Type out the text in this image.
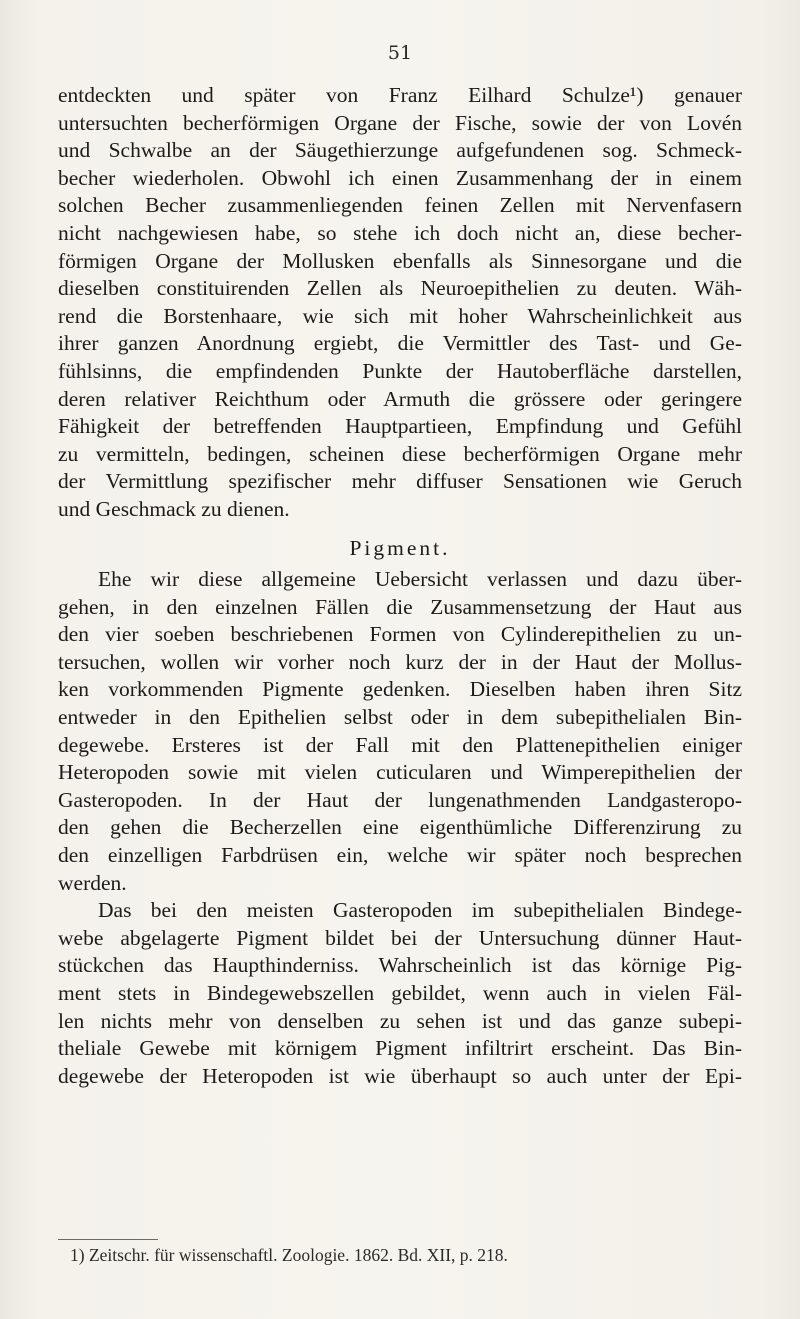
51
entdeckten und später von Franz Eilhard Schulze¹) genauer
untersuchten becherförmigen Organe der Fische, sowie der von Lovén
und Schwalbe an der Säugethierzunge aufgefundenen sog. Schmeck-
becher wiederholen. Obwohl ich einen Zusammenhang der in einem
solchen Becher zusammenliegenden feinen Zellen mit Nervenfasern
nicht nachgewiesen habe, so stehe ich doch nicht an, diese becher-
förmigen Organe der Mollusken ebenfalls als Sinnesorgane und die
dieselben constituirenden Zellen als Neuroepithelien zu deuten. Wäh-
rend die Borstenhaare, wie sich mit hoher Wahrscheinlichkeit aus
ihrer ganzen Anordnung ergiebt, die Vermittler des Tast- und Ge-
fühlsinns, die empfindenden Punkte der Hautoberfläche darstellen,
deren relativer Reichthum oder Armuth die grössere oder geringere
Fähigkeit der betreffenden Hauptpartieen, Empfindung und Gefühl
zu vermitteln, bedingen, scheinen diese becherförmigen Organe mehr
der Vermittlung spezifischer mehr diffuser Sensationen wie Geruch
und Geschmack zu dienen.
Pigment.
Ehe wir diese allgemeine Uebersicht verlassen und dazu über-
gehen, in den einzelnen Fällen die Zusammensetzung der Haut aus
den vier soeben beschriebenen Formen von Cylinderepithelien zu un-
tersuchen, wollen wir vorher noch kurz der in der Haut der Mollus-
ken vorkommenden Pigmente gedenken. Dieselben haben ihren Sitz
entweder in den Epithelien selbst oder in dem subepithelialen Bin-
degewebe. Ersteres ist der Fall mit den Plattenepithelien einiger
Heteropoden sowie mit vielen cuticularen und Wimperepithelien der
Gasteropoden. In der Haut der lungenathmenden Landgasteropo-
den gehen die Becherzellen eine eigenthümliche Differenzirung zu
den einzelligen Farbdrüsen ein, welche wir später noch besprechen
werden.
Das bei den meisten Gasteropoden im subepithelialen Bindege-
webe abgelagerte Pigment bildet bei der Untersuchung dünner Haut-
stückchen das Haupthinderniss. Wahrscheinlich ist das körnige Pig-
ment stets in Bindegewebszellen gebildet, wenn auch in vielen Fäl-
len nichts mehr von denselben zu sehen ist und das ganze subepi-
theliale Gewebe mit körnigem Pigment infiltrirt erscheint. Das Bin-
degewebe der Heteropoden ist wie überhaupt so auch unter der Epi-
1) Zeitschr. für wissenschaftl. Zoologie. 1862. Bd. XII, p. 218.
